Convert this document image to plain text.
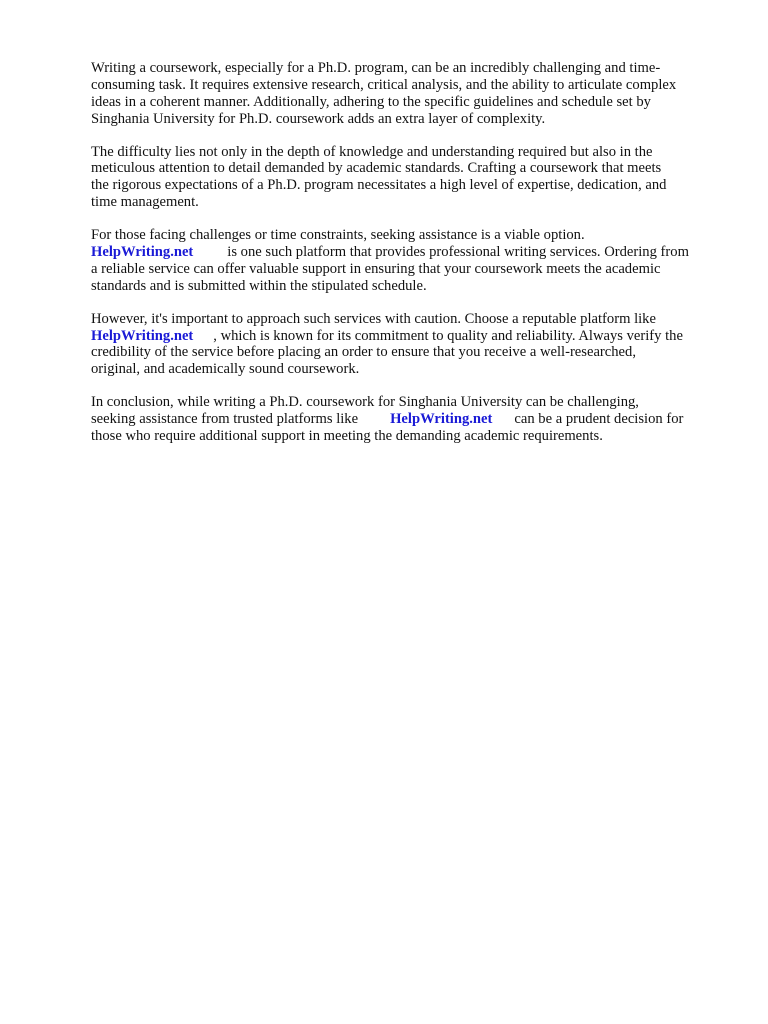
Writing a coursework, especially for a Ph.D. program, can be an incredibly challenging and time-
consuming task. It requires extensive research, critical analysis, and the ability to articulate complex
ideas in a coherent manner. Additionally, adhering to the specific guidelines and schedule set by
Singhania University for Ph.D. coursework adds an extra layer of complexity.

The difficulty lies not only in the depth of knowledge and understanding required but also in the
meticulous attention to detail demanded by academic standards. Crafting a coursework that meets
the rigorous expectations of a Ph.D. program necessitates a high level of expertise, dedication, and
time management.

For those facing challenges or time constraints, seeking assistance is a viable option.
HelpWriting.net is one such platform that provides professional writing services. Ordering from
a reliable service can offer valuable support in ensuring that your coursework meets the academic
standards and is submitted within the stipulated schedule.

However, it's important to approach such services with caution. Choose a reputable platform like
HelpWriting.net , which is known for its commitment to quality and reliability. Always verify the
credibility of the service before placing an order to ensure that you receive a well-researched,
original, and academically sound coursework.

In conclusion, while writing a Ph.D. coursework for Singhania University can be challenging,
seeking assistance from trusted platforms like HelpWriting.net can be a prudent decision for
those who require additional support in meeting the demanding academic requirements.
